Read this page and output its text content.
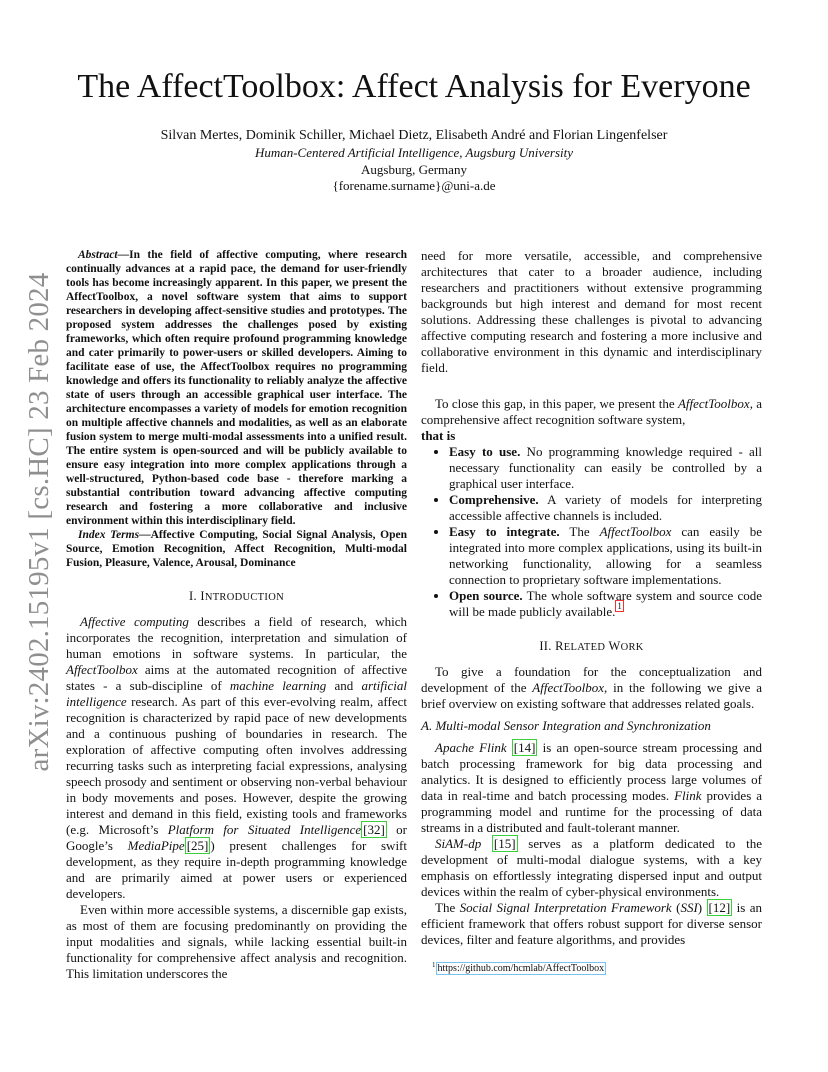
The AffectToolbox: Affect Analysis for Everyone
Silvan Mertes, Dominik Schiller, Michael Dietz, Elisabeth André and Florian Lingenfelser
Human-Centered Artificial Intelligence, Augsburg University
Augsburg, Germany
{forename.surname}@uni-a.de
arXiv:2402.15195v1 [cs.HC] 23 Feb 2024

Abstract—In the field of affective computing, where research continually advances at a rapid pace, the demand for user-friendly tools has become increasingly apparent. In this paper, we present the AffectToolbox, a novel software system that aims to support researchers in developing affect-sensitive studies and prototypes. The proposed system addresses the challenges posed by existing frameworks, which often require profound programming knowledge and cater primarily to power-users or skilled developers. Aiming to facilitate ease of use, the AffectToolbox requires no programming knowledge and offers its functionality to reliably analyze the affective state of users through an accessible graphical user interface. The architecture encompasses a variety of models for emotion recognition on multiple affective channels and modalities, as well as an elaborate fusion system to merge multi-modal assessments into a unified result. The entire system is open-sourced and will be publicly available to ensure easy integration into more complex applications through a well-structured, Python-based code base - therefore marking a substantial contribution toward advancing affective computing research and fostering a more collaborative and inclusive environment within this interdisciplinary field.

Index Terms—Affective Computing, Social Signal Analysis, Open Source, Emotion Recognition, Affect Recognition, Multi-modal Fusion, Pleasure, Valence, Arousal, Dominance

I. INTRODUCTION

Affective computing describes a field of research, which incorporates the recognition, interpretation and simulation of human emotions in software systems. In particular, the AffectToolbox aims at the automated recognition of affective states - a sub-discipline of machine learning and artificial intelligence research. As part of this ever-evolving realm, affect recognition is characterized by rapid pace of new developments and a continuous pushing of boundaries in research. The exploration of affective computing often involves addressing recurring tasks such as interpreting facial expressions, analysing speech prosody and sentiment or observing non-verbal behaviour in body movements and poses. However, despite the growing interest and demand in this field, existing tools and frameworks (e.g. Microsoft’s Platform for Situated Intelligence [32] or Google’s MediaPipe [25] ) present challenges for swift development, as they require in-depth programming knowledge and are primarily aimed at power users or experienced developers.

Even within more accessible systems, a discernible gap exists, as most of them are focusing predominantly on providing the input modalities and signals, while lacking essential built-in functionality for comprehensive affect analysis and recognition. This limitation underscores the

need for more versatile, accessible, and comprehensive architectures that cater to a broader audience, including researchers and practitioners without extensive programming backgrounds but high interest and demand for most recent solutions. Addressing these challenges is pivotal to advancing affective computing research and fostering a more inclusive and collaborative environment in this dynamic and interdisciplinary field.

To close this gap, in this paper, we present the AffectToolbox, a comprehensive affect recognition software system,
that is

• Easy to use. No programming knowledge required - all necessary functionality can easily be controlled by a graphical user interface.
• Comprehensive. A variety of models for interpreting accessible affective channels is included.
• Easy to integrate. The AffectToolbox can easily be integrated into more complex applications, using its built-in networking functionality, allowing for a seamless connection to proprietary software implementations.
• Open source. The whole software system and source code will be made publicly available. $^1$
II. RELATED WORK

To give a foundation for the conceptualization and development of the AffectToolbox, in the following we give a brief overview on existing software that addresses related goals.

A. Multi-modal Sensor Integration and Synchronization

Apache Flink [14] is an open-source stream processing and batch processing framework for big data processing and analytics. It is designed to efficiently process large volumes of data in real-time and batch processing modes. Flink provides a programming model and runtime for the processing of data streams in a distributed and fault-tolerant manner.

SiAM-dp [15] serves as a platform dedicated to the development of multi-modal dialogue systems, with a key emphasis on effortlessly integrating dispersed input and output devices within the realm of cyber-physical environments.

The Social Signal Interpretation Framework (SSI) [12] is an efficient framework that offers robust support for diverse sensor devices, filter and feature algorithms, and provides

$^1$ https://github.com/hcmlab/AffectToolbox
